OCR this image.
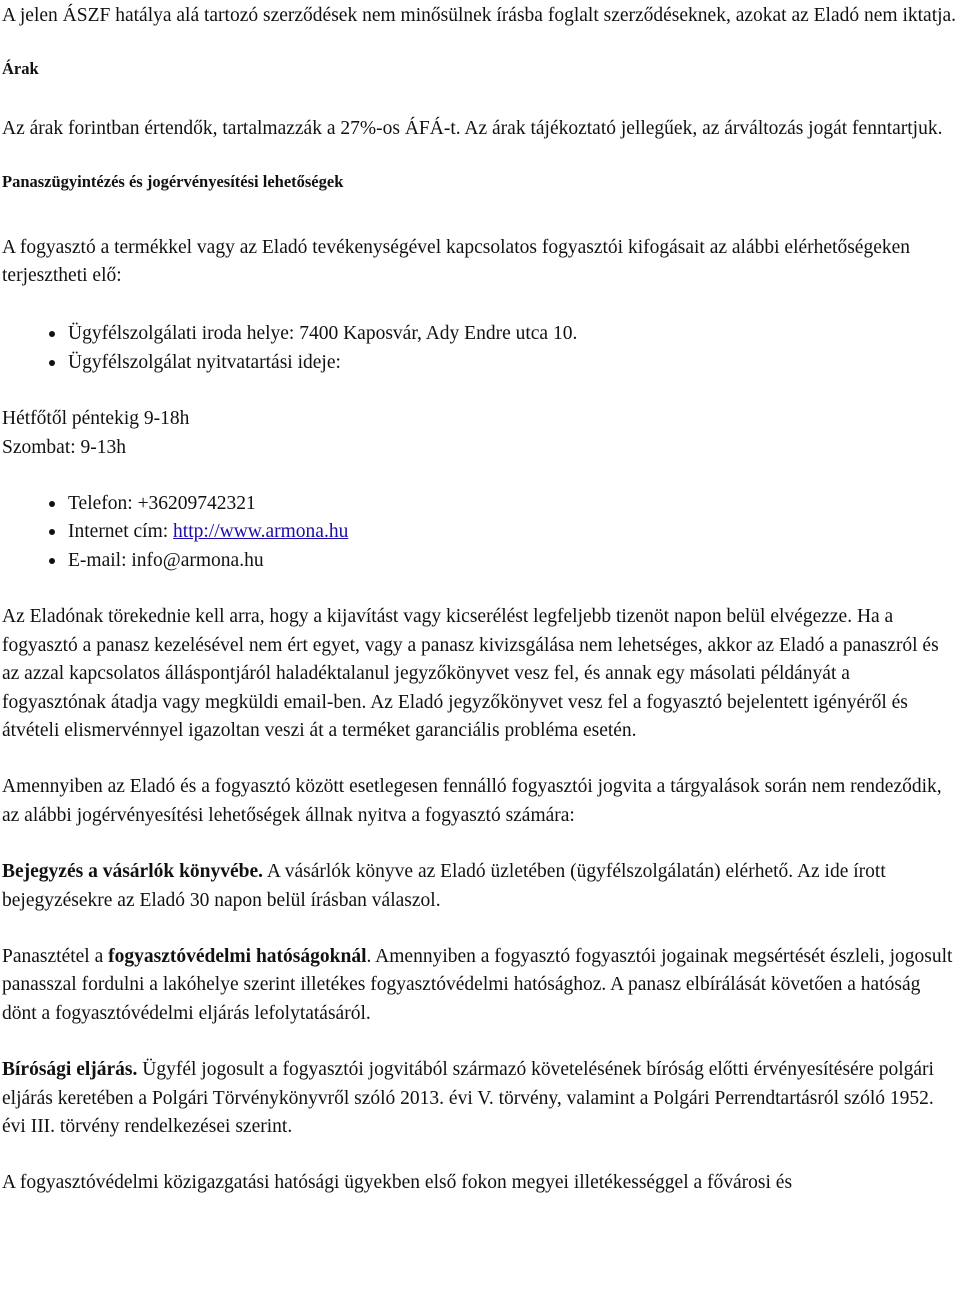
A jelen ÁSZF hatálya alá tartozó szerződések nem minősülnek írásba foglalt szerződéseknek, azokat az Eladó nem iktatja.

Árak

Az árak forintban értendők, tartalmazzák a 27%-os ÁFÁ-t. Az árak tájékoztató jellegűek, az árváltozás jogát fenntartjuk.

Panaszügyintézés és jogérvényesítési lehetőségek

A fogyasztó a termékkel vagy az Eladó tevékenységével kapcsolatos fogyasztói kifogásait az alábbi elérhetőségeken terjesztheti elő:

Ügyfélszolgálati iroda helye: 7400 Kaposvár, Ady Endre utca 10.
Ügyfélszolgálat nyitvatartási ideje:

Hétfőtől péntekig 9-18h

Szombat: 9-13h

Telefon: +36209742321
Internet cím: http://www.armona.hu
E-mail: info@armona.hu

Az Eladónak törekednie kell arra, hogy a kijavítást vagy kicserélést legfeljebb tizenöt napon belül elvégezze. Ha a fogyasztó a panasz kezelésével nem ért egyet, vagy a panasz kivizsgálása nem lehetséges, akkor az Eladó a panaszról és az azzal kapcsolatos álláspontjáról haladéktalanul jegyzőkönyvet vesz fel, és annak egy másolati példányát a fogyasztónak átadja vagy megküldi email-ben. Az Eladó jegyzőkönyvet vesz fel a fogyasztó bejelentett igényéről és átvételi elismervénnyel igazoltan veszi át a terméket garanciális probléma esetén.

Amennyiben az Eladó és a fogyasztó között esetlegesen fennálló fogyasztói jogvita a tárgyalások során nem rendeződik, az alábbi jogérvényesítési lehetőségek állnak nyitva a fogyasztó számára:

Bejegyzés a vásárlók könyvébe. A vásárlók könyve az Eladó üzletében (ügyfélszolgálatán) elérhető. Az ide írott bejegyzésekre az Eladó 30 napon belül írásban válaszol.

Panasztétel a fogyasztóvédelmi hatóságoknál. Amennyiben a fogyasztó fogyasztói jogainak megsértését észleli, jogosult panasszal fordulni a lakóhelye szerint illetékes fogyasztóvédelmi hatósághoz. A panasz elbírálását követően a hatóság dönt a fogyasztóvédelmi eljárás lefolytatásáról.

Bírósági eljárás. Ügyfél jogosult a fogyasztói jogvitából származó követelésének bíróság előtti érvényesítésére polgári eljárás keretében a Polgári Törvénykönyvről szóló 2013. évi V. törvény, valamint a Polgári Perrendtartásról szóló 1952. évi III. törvény rendelkezései szerint.

A fogyasztóvédelmi közigazgatási hatósági ügyekben első fokon megyei illetékességgel a fővárosi és
